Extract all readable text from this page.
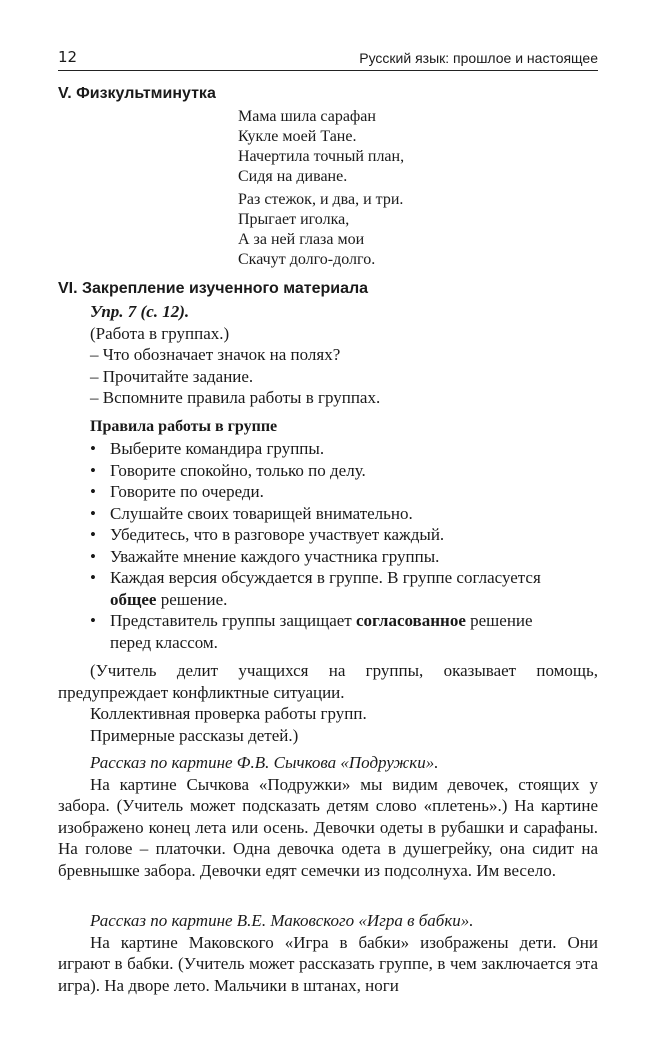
12	Русский язык: прошлое и настоящее
V. Физкультминутка
Мама шила сарафан
Кукле моей Тане.
Начертила точный план,
Сидя на диване.
Раз стежок, и два, и три.
Прыгает иголка,
А за ней глаза мои
Скачут долго-долго.
VI. Закрепление изученного материала
Упр. 7 (с. 12).
(Работа в группах.)
– Что обозначает значок на полях?
– Прочитайте задание.
– Вспомните правила работы в группах.
Правила работы в группе
• Выберите командира группы.
• Говорите спокойно, только по делу.
• Говорите по очереди.
• Слушайте своих товарищей внимательно.
• Убедитесь, что в разговоре участвует каждый.
• Уважайте мнение каждого участника группы.
• Каждая версия обсуждается в группе. В группе согласуется
общее решение.
• Представитель группы защищает согласованное решение
перед классом.
(Учитель делит учащихся на группы, оказывает помощь, предупреждает конфликтные ситуации.
Коллективная проверка работы групп.
Примерные рассказы детей.)
Рассказ по картине Ф.В. Сычкова «Подружки».
На картине Сычкова «Подружки» мы видим девочек, стоящих у забора. (Учитель может подсказать детям слово «плетень».) На картине изображено конец лета или осень. Девочки одеты в рубашки и сарафаны. На голове – платочки. Одна девочка одета в душегрейку, она сидит на бревнышке забора. Девочки едят семечки из подсолнуха. Им весело.
Рассказ по картине В.Е. Маковского «Игра в бабки».
На картине Маковского «Игра в бабки» изображены дети. Они играют в бабки. (Учитель может рассказать группе, в чем заключается эта игра). На дворе лето. Мальчики в штанах, ноги
